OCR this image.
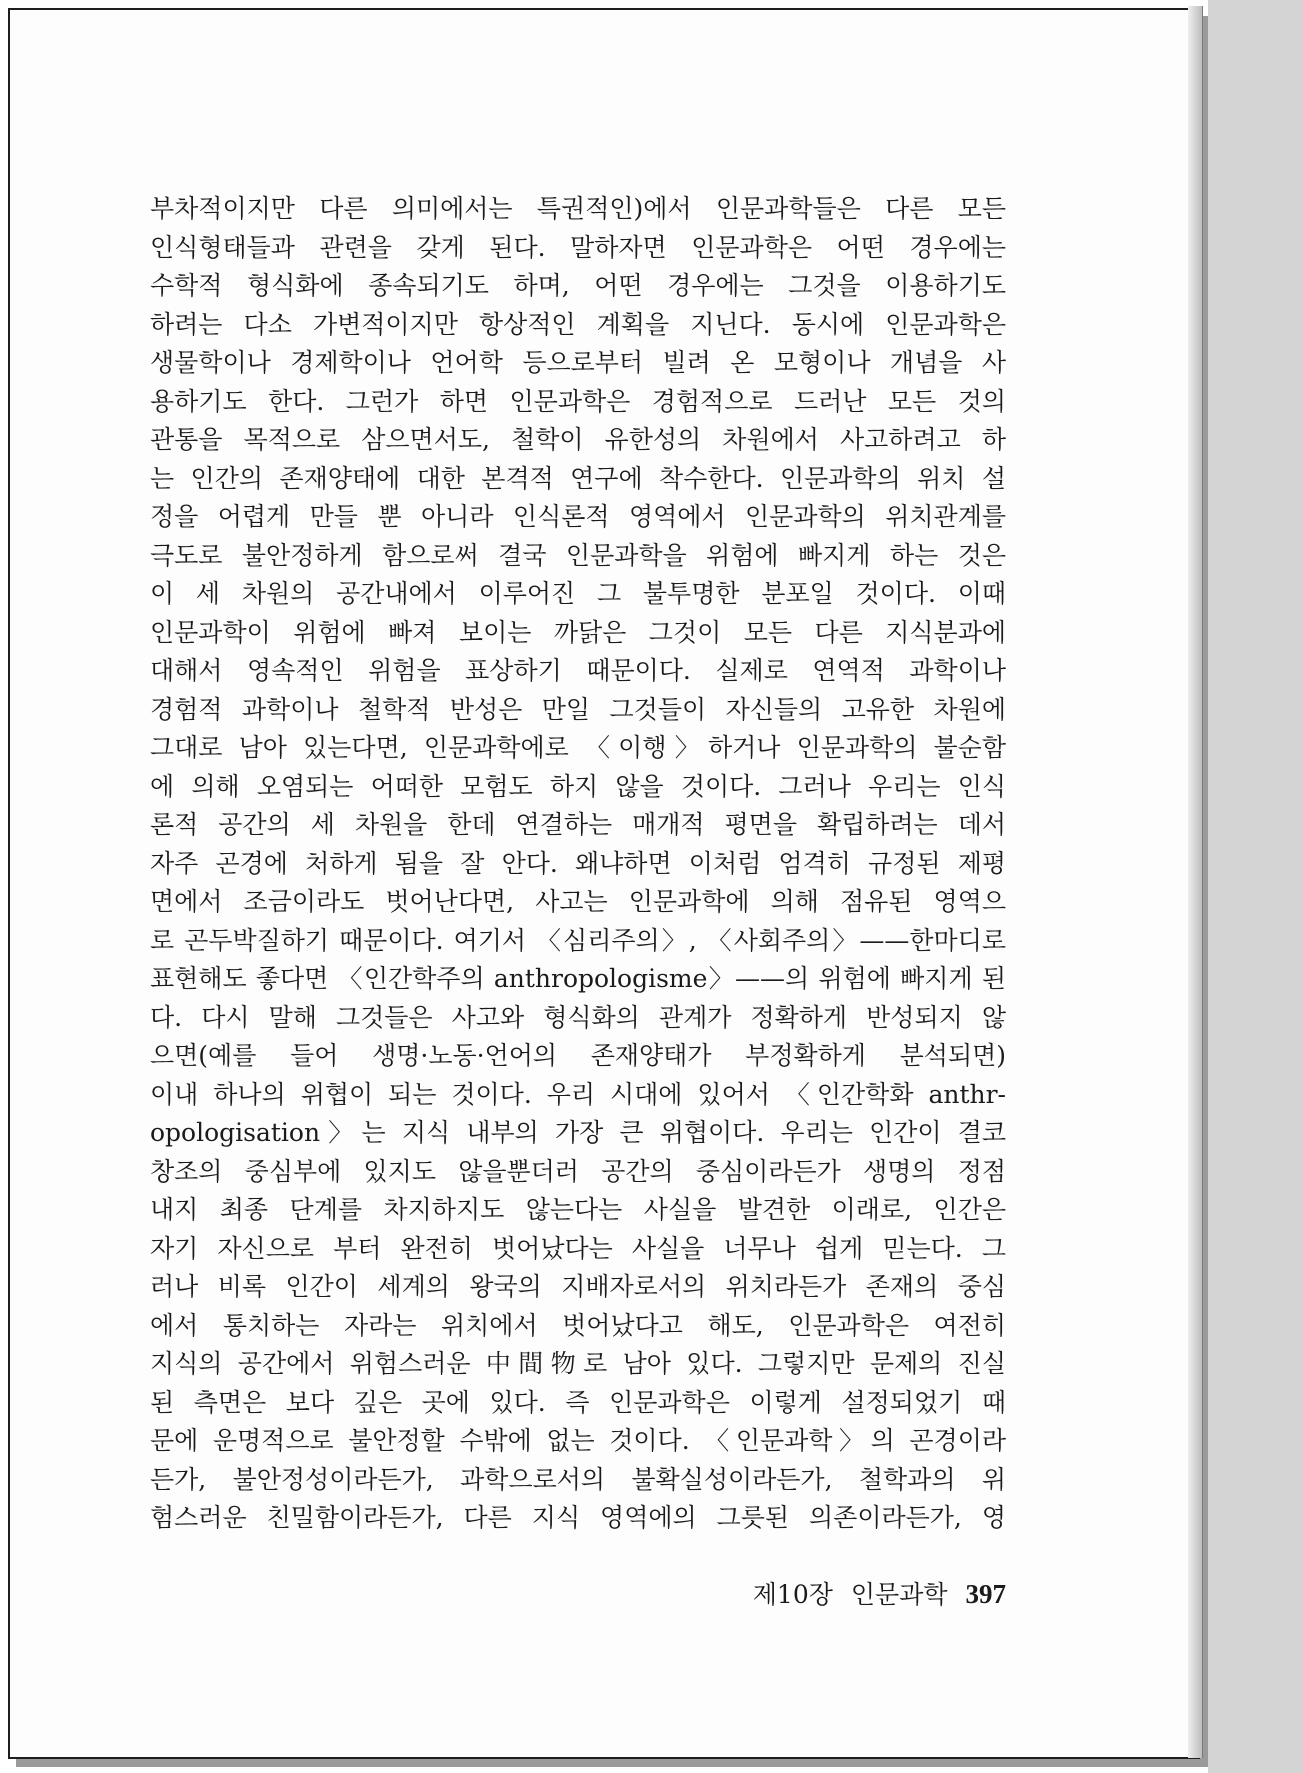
부차적이지만 다른 의미에서는 특권적인)에서 인문과학들은 다른 모든
인식형태들과 관련을 갖게 된다. 말하자면 인문과학은 어떤 경우에는
수학적 형식화에 종속되기도 하며, 어떤 경우에는 그것을 이용하기도
하려는 다소 가변적이지만 항상적인 계획을 지닌다. 동시에 인문과학은
생물학이나 경제학이나 언어학 등으로부터 빌려 온 모형이나 개념을 사
용하기도 한다. 그런가 하면 인문과학은 경험적으로 드러난 모든 것의
관통을 목적으로 삼으면서도, 철학이 유한성의 차원에서 사고하려고 하
는 인간의 존재양태에 대한 본격적 연구에 착수한다. 인문과학의 위치 설
정을 어렵게 만들 뿐 아니라 인식론적 영역에서 인문과학의 위치관계를
극도로 불안정하게 함으로써 결국 인문과학을 위험에 빠지게 하는 것은
이 세 차원의 공간내에서 이루어진 그 불투명한 분포일 것이다. 이때
인문과학이 위험에 빠져 보이는 까닭은 그것이 모든 다른 지식분과에
대해서 영속적인 위험을 표상하기 때문이다. 실제로 연역적 과학이나
경험적 과학이나 철학적 반성은 만일 그것들이 자신들의 고유한 차원에
그대로 남아 있는다면, 인문과학에로 〈이행〉하거나 인문과학의 불순함
에 의해 오염되는 어떠한 모험도 하지 않을 것이다. 그러나 우리는 인식
론적 공간의 세 차원을 한데 연결하는 매개적 평면을 확립하려는 데서
자주 곤경에 처하게 됨을 잘 안다. 왜냐하면 이처럼 엄격히 규정된 제평
면에서 조금이라도 벗어난다면, 사고는 인문과학에 의해 점유된 영역으
로 곤두박질하기 때문이다. 여기서 〈심리주의〉, 〈사회주의〉——한마디로
표현해도 좋다면 〈인간학주의 anthropologisme〉——의 위험에 빠지게 된
다. 다시 말해 그것들은 사고와 형식화의 관계가 정확하게 반성되지 않
으면(예를 들어 생명·노동·언어의 존재양태가 부정확하게 분석되면)
이내 하나의 위협이 되는 것이다. 우리 시대에 있어서 〈인간학화 anthr-
opologisation〉는 지식 내부의 가장 큰 위협이다. 우리는 인간이 결코
창조의 중심부에 있지도 않을뿐더러 공간의 중심이라든가 생명의 정점
내지 최종 단계를 차지하지도 않는다는 사실을 발견한 이래로, 인간은
자기 자신으로 부터 완전히 벗어났다는 사실을 너무나 쉽게 믿는다. 그
러나 비록 인간이 세계의 왕국의 지배자로서의 위치라든가 존재의 중심
에서 통치하는 자라는 위치에서 벗어났다고 해도, 인문과학은 여전히
지식의 공간에서 위험스러운 中間物로 남아 있다. 그렇지만 문제의 진실
된 측면은 보다 깊은 곳에 있다. 즉 인문과학은 이렇게 설정되었기 때
문에 운명적으로 불안정할 수밖에 없는 것이다. 〈인문과학〉의 곤경이라
든가, 불안정성이라든가, 과학으로서의 불확실성이라든가, 철학과의 위
험스러운 친밀함이라든가, 다른 지식 영역에의 그릇된 의존이라든가, 영
제10장 인문과학 397
